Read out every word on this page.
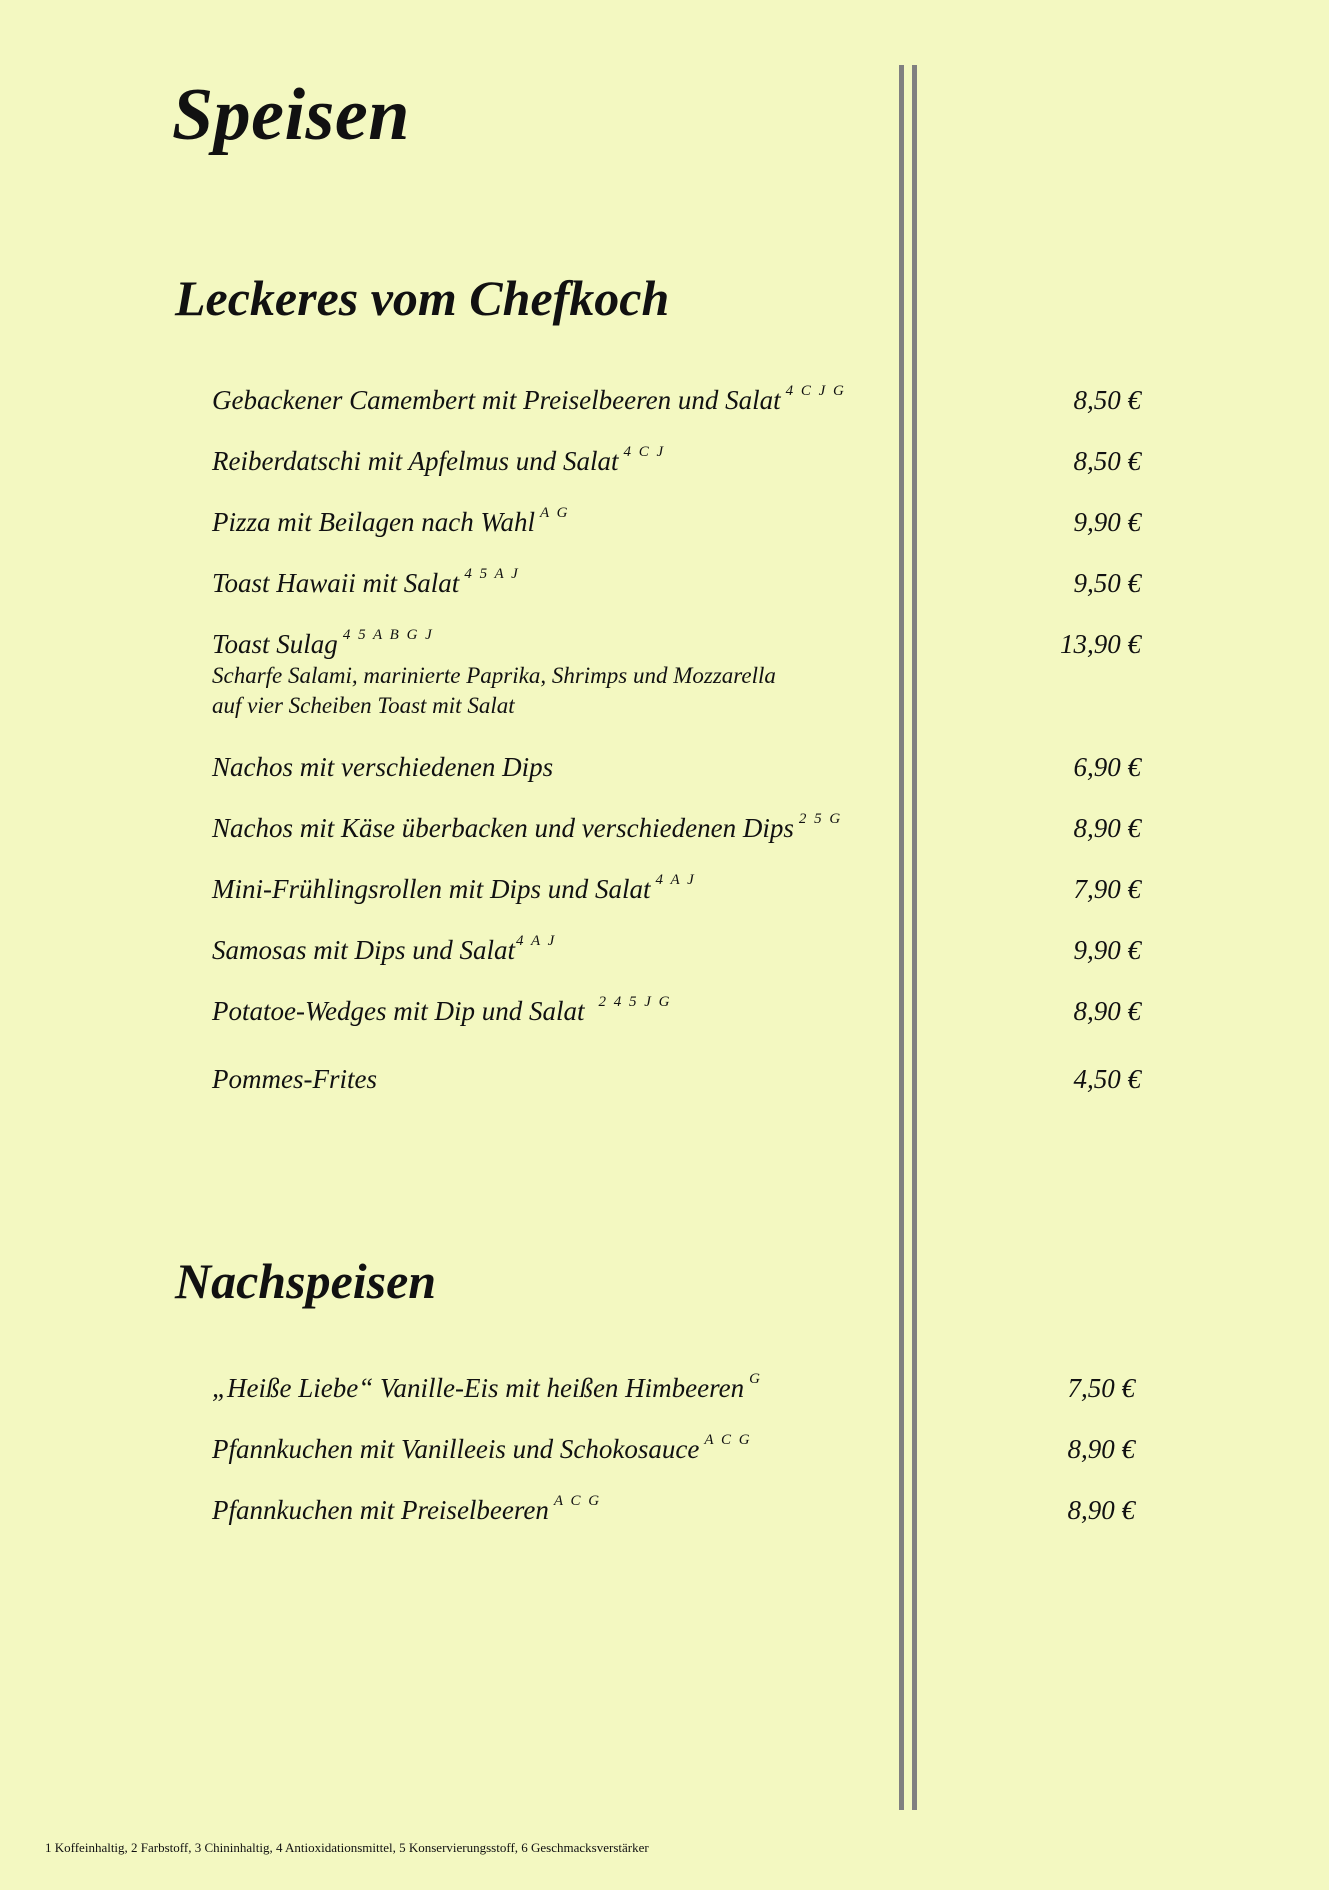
Speisen
Leckeres vom Chefkoch
Gebackener Camembert mit Preiselbeeren und Salat $^{4 C J G}$	8,50 €
Reiberdatschi mit Apfelmus und Salat $^{4 C J}$	8,50 €
Pizza mit Beilagen nach Wahl $^{A G}$	9,90 €
Toast Hawaii mit Salat $^{4 5 A J}$	9,50 €
Toast Sulag $^{4 5 A B G J}$	13,90 €
Scharfe Salami, marinierte Paprika, Shrimps und Mozzarella
auf vier Scheiben Toast mit Salat
Nachos mit verschiedenen Dips	6,90 €
Nachos mit Käse überbacken und verschiedenen Dips $^{2 5 G}$	8,90 €
Mini-Frühlingsrollen mit Dips und Salat $^{4 A J}$	7,90 €
Samosas mit Dips und Salat$^{4 A J}$	9,90 €
Potatoe-Wedges mit Dip und Salat $^{2 4 5 J G}$	8,90 €
Pommes-Frites	4,50 €
Nachspeisen
„Heiße Liebe“ Vanille-Eis mit heißen Himbeeren $^G$	7,50 €
Pfannkuchen mit Vanilleeis und Schokosauce $^{A C G}$	8,90 €
Pfannkuchen mit Preiselbeeren $^{A C G}$	8,90 €
1 Koffeinhaltig, 2 Farbstoff, 3 Chininhaltig, 4 Antioxidationsmittel, 5 Konservierungsstoff, 6 Geschmacksverstärker
